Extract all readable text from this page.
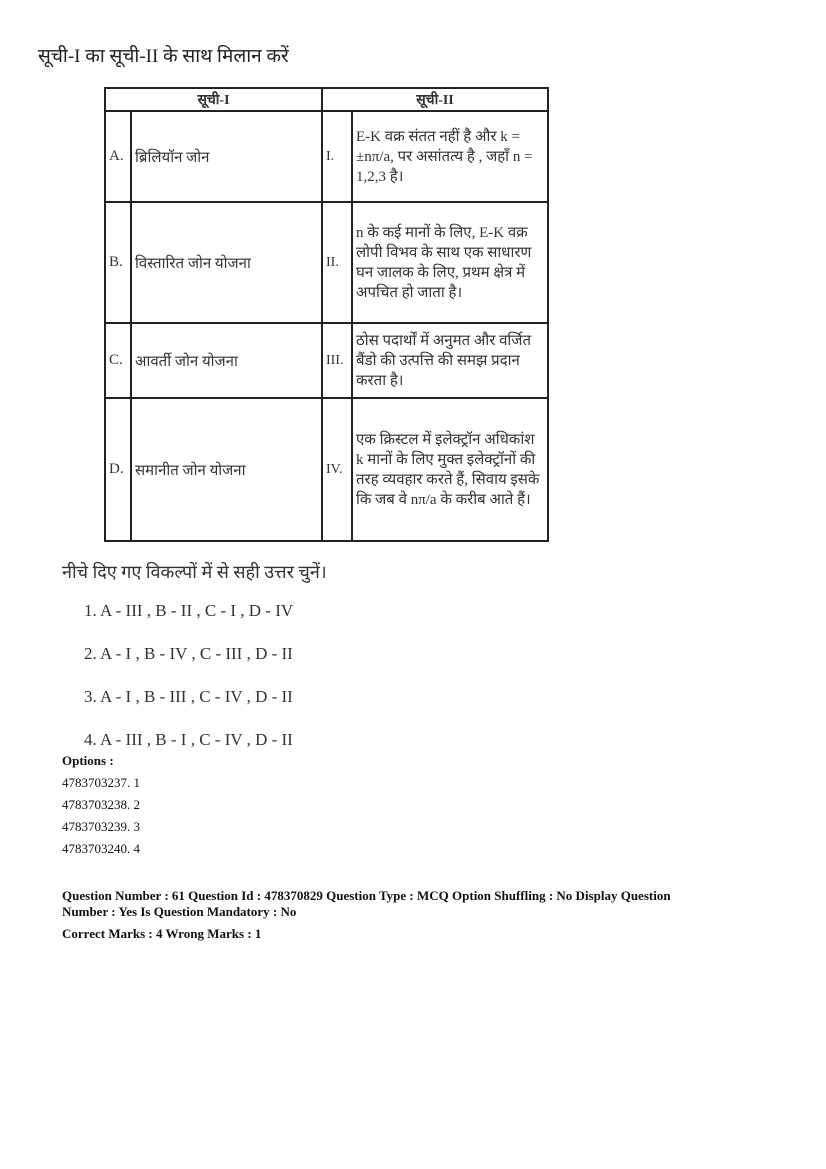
सूची-I का सूची-II के साथ मिलान करें
सूची-I		सूची-II	
A.	ब्रिलियॉन जोन	I.	E-K वक्र संतत नहीं है और k = ±nπ/a, पर असांतत्य है , जहाँ n = 1,2,3 है।
B.	विस्तारित जोन योजना	II.	n के कई मानों के लिए, E-K वक्र लोपी विभव के साथ एक साधारण घन जालक के लिए, प्रथम क्षेत्र में अपचित हो जाता है।
C.	आवर्ती जोन योजना	III.	ठोस पदार्थों में अनुमत और वर्जित बैंडो की उत्पत्ति की समझ प्रदान करता है।
D.	समानीत जोन योजना	IV.	एक क्रिस्टल में इलेक्ट्रॉन अधिकांश k मानों के लिए मुक्त इलेक्ट्रॉनों की तरह व्यवहार करते हैं, सिवाय इसके कि जब वे nπ/a के करीब आते हैं।
नीचे दिए गए विकल्पों में से सही उत्तर चुनें।
1. A - III , B - II , C - I , D - IV
2. A - I , B - IV , C - III , D - II
3. A - I , B - III , C - IV , D - II
4. A - III , B - I , C - IV , D - II
Options :
4783703237. 1
4783703238. 2
4783703239. 3
4783703240. 4
Question Number : 61 Question Id : 478370829 Question Type : MCQ Option Shuffling : No Display Question
Number : Yes Is Question Mandatory : No
Correct Marks : 4 Wrong Marks : 1
